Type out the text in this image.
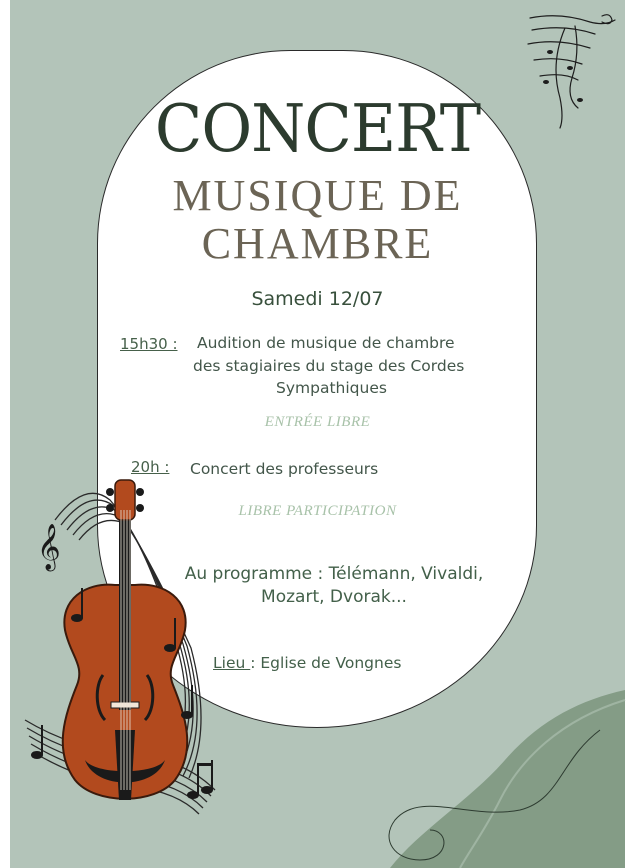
CONCERT
MUSIQUE DE
CHAMBRE
Samedi 12/07
15h30 : Audition de musique de chambre
des stagiaires du stage des Cordes
Sympathiques
ENTRÉE LIBRE
20h : Concert des professeurs
LIBRE PARTICIPATION
Au programme : Télémann, Vivaldi,
Mozart, Dvorak...
Lieu : Eglise de Vongnes
𝄞
